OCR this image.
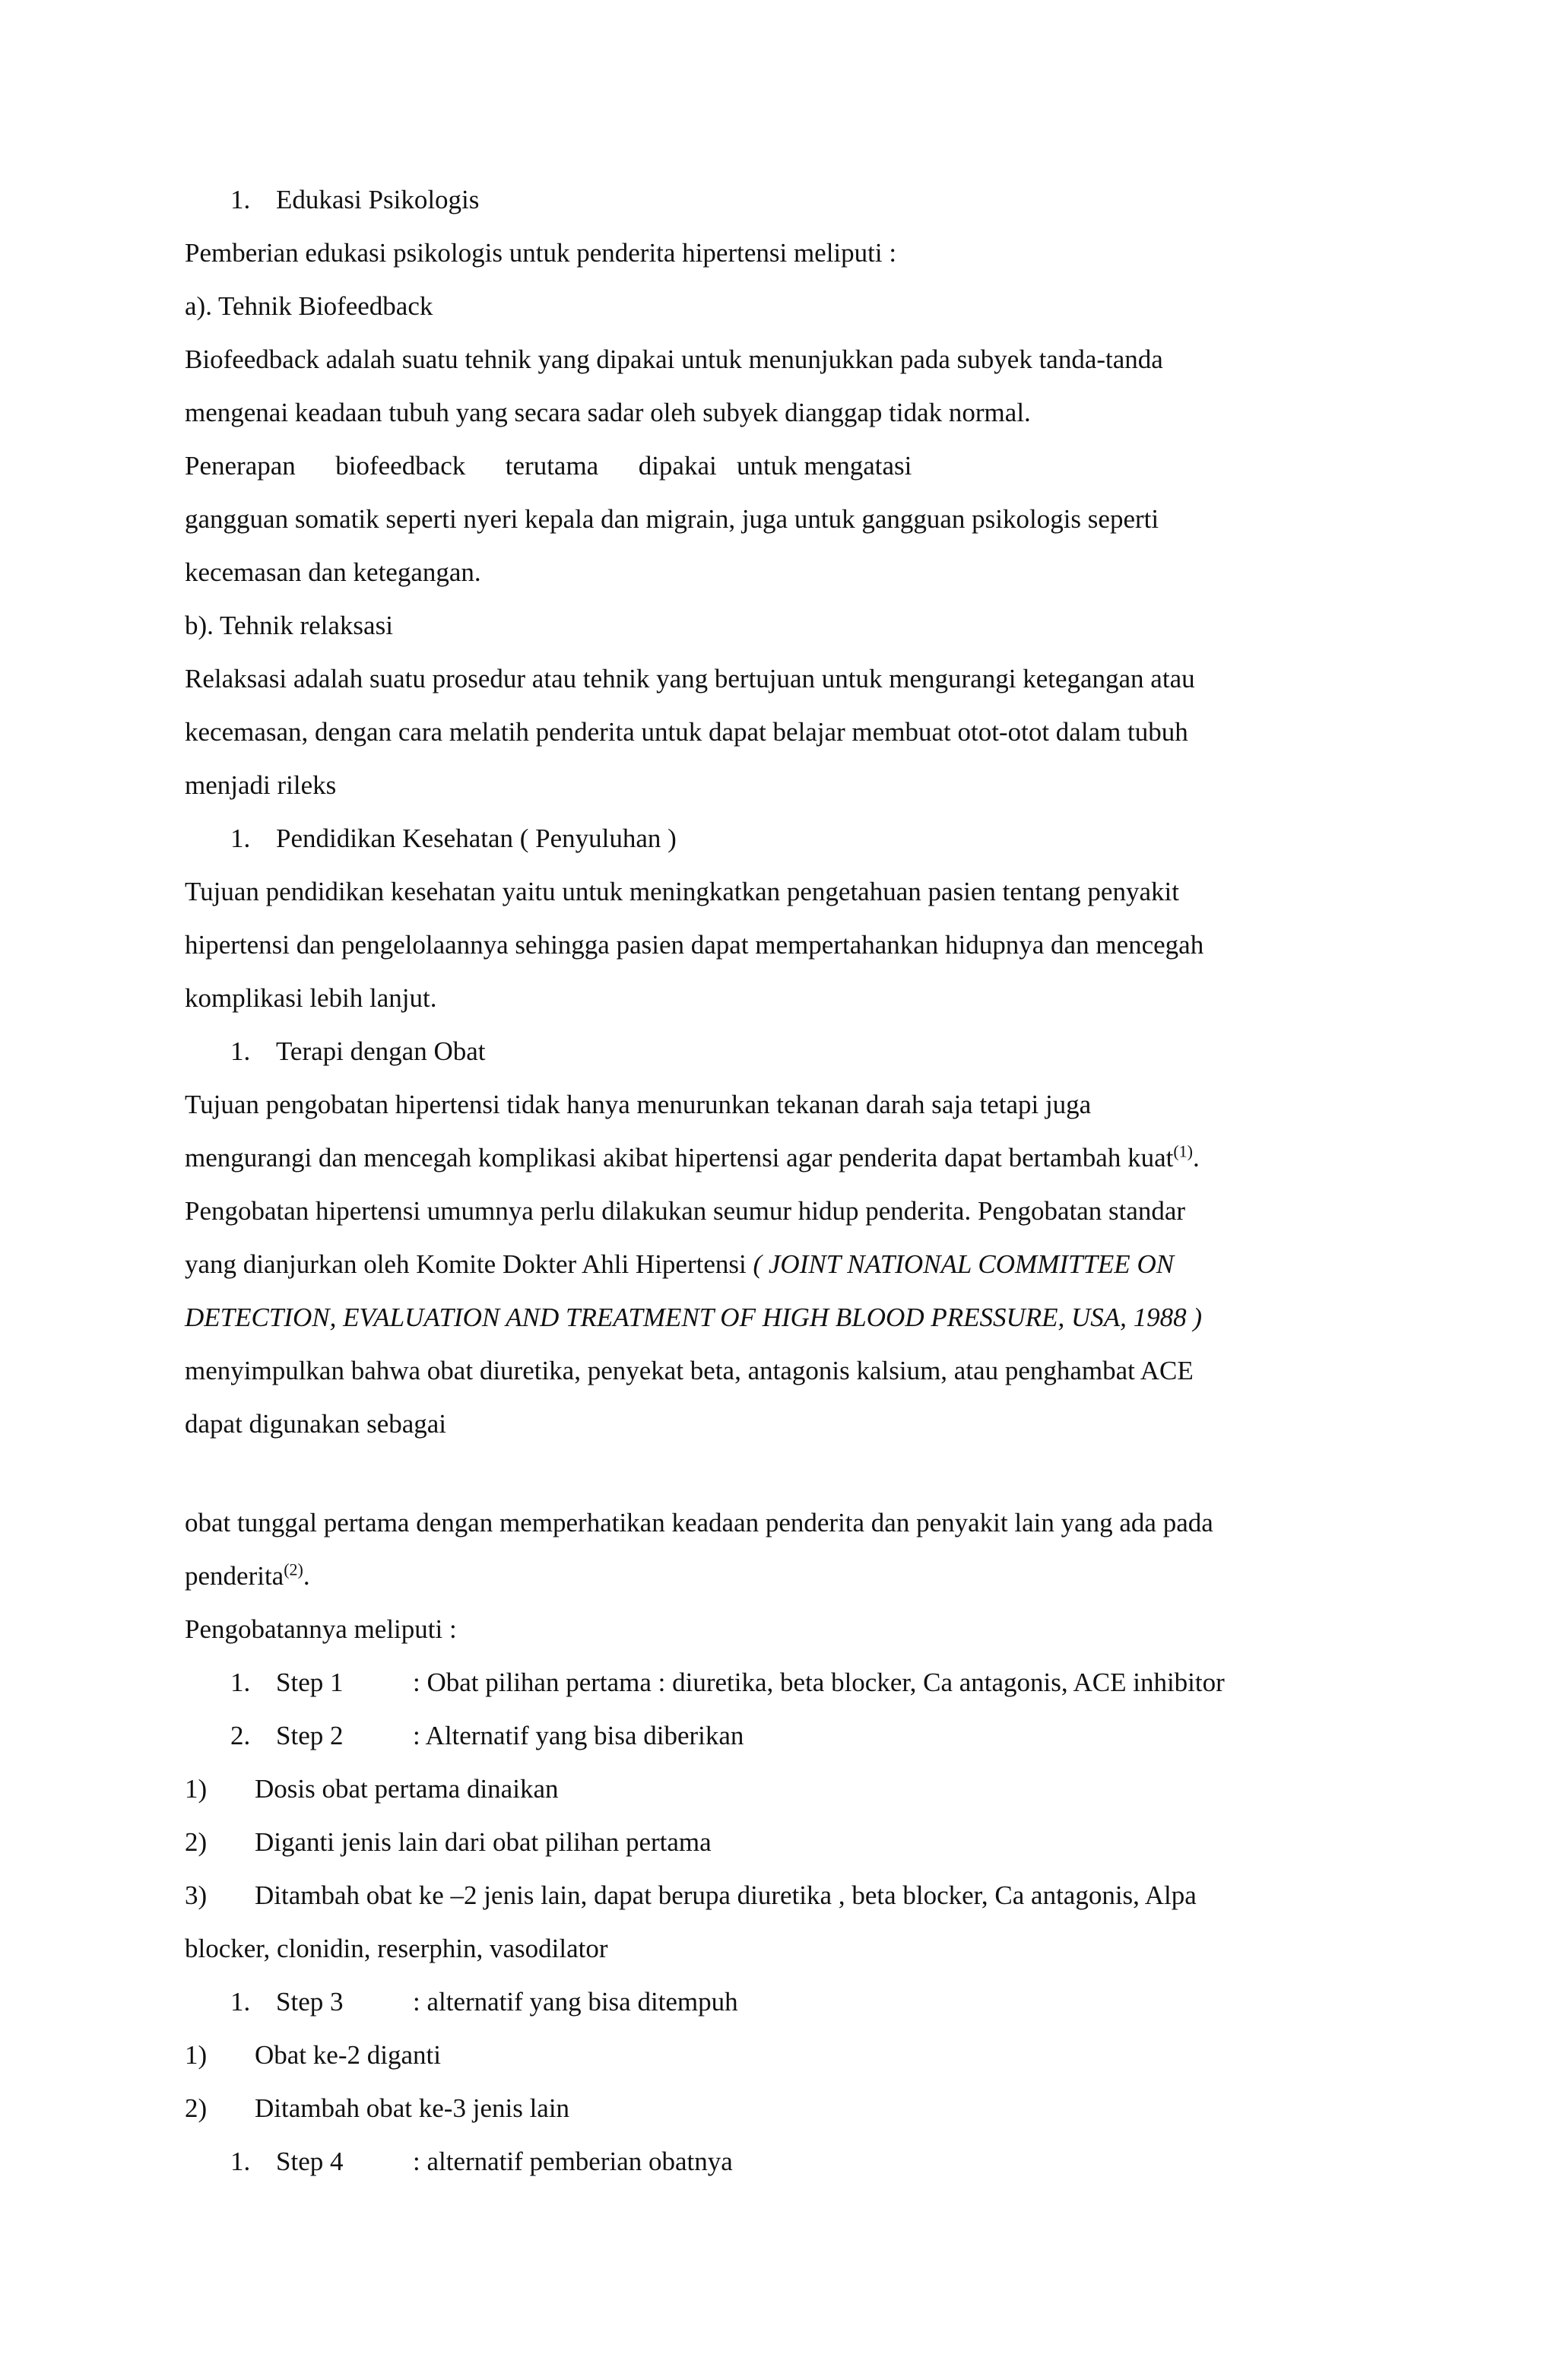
1. Edukasi Psikologis
Pemberian edukasi psikologis untuk penderita hipertensi meliputi :
a). Tehnik Biofeedback
Biofeedback adalah suatu tehnik yang dipakai untuk menunjukkan pada subyek tanda-tanda
mengenai keadaan tubuh yang secara sadar oleh subyek dianggap tidak normal.
Penerapan      biofeedback      terutama      dipakai   untuk mengatasi
gangguan somatik seperti nyeri kepala dan migrain, juga untuk gangguan psikologis seperti
kecemasan dan ketegangan.
b). Tehnik relaksasi
Relaksasi adalah suatu prosedur atau tehnik yang bertujuan untuk mengurangi ketegangan atau
kecemasan, dengan cara melatih penderita untuk dapat belajar membuat otot-otot dalam tubuh
menjadi rileks
1. Pendidikan Kesehatan ( Penyuluhan )
Tujuan pendidikan kesehatan yaitu untuk meningkatkan pengetahuan pasien tentang penyakit
hipertensi dan pengelolaannya sehingga pasien dapat mempertahankan hidupnya dan mencegah
komplikasi lebih lanjut.
1. Terapi dengan Obat
Tujuan pengobatan hipertensi tidak hanya menurunkan tekanan darah saja tetapi juga
mengurangi dan mencegah komplikasi akibat hipertensi agar penderita dapat bertambah kuat$^{(1)}$.
Pengobatan hipertensi umumnya perlu dilakukan seumur hidup penderita. Pengobatan standar
yang dianjurkan oleh Komite Dokter Ahli Hipertensi ( JOINT NATIONAL COMMITTEE ON
DETECTION, EVALUATION AND TREATMENT OF HIGH BLOOD PRESSURE, USA, 1988 )
menyimpulkan bahwa obat diuretika, penyekat beta, antagonis kalsium, atau penghambat ACE
dapat digunakan sebagai
obat tunggal pertama dengan memperhatikan keadaan penderita dan penyakit lain yang ada pada
penderita$^{(2)}$.
Pengobatannya meliputi :
1. Step 1	: Obat pilihan pertama : diuretika, beta blocker, Ca antagonis, ACE inhibitor
2. Step 2	: Alternatif yang bisa diberikan
1) Dosis obat pertama dinaikan
2) Diganti jenis lain dari obat pilihan pertama
3) Ditambah obat ke –2 jenis lain, dapat berupa diuretika , beta blocker, Ca antagonis, Alpa
blocker, clonidin, reserphin, vasodilator
1. Step 3	: alternatif yang bisa ditempuh
1) Obat ke-2 diganti
2) Ditambah obat ke-3 jenis lain
1. Step 4	: alternatif pemberian obatnya
